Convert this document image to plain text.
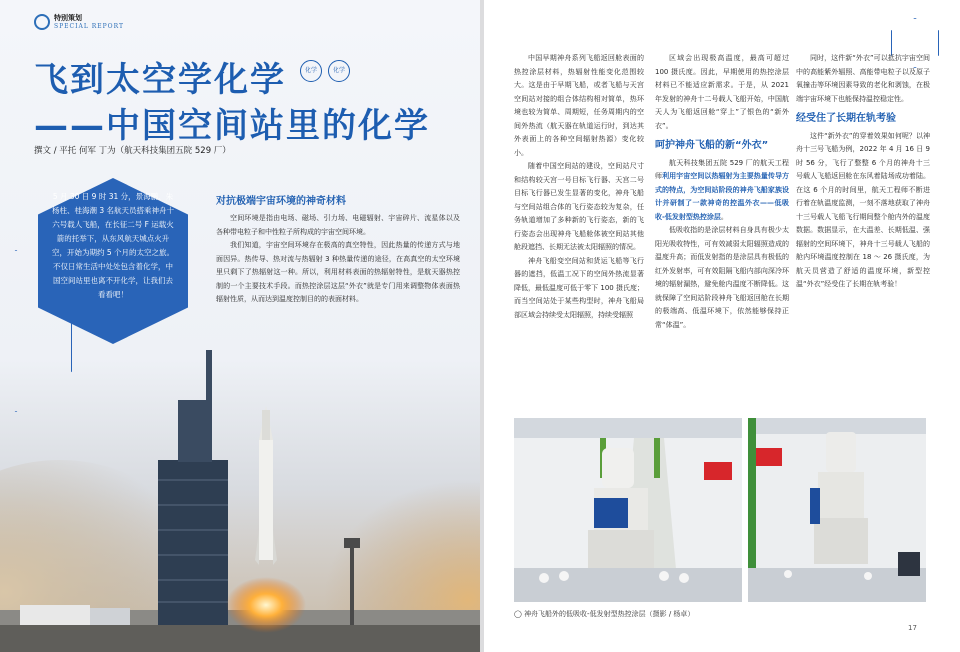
特别策划
SPECIAL REPORT
飞到太空学化学	化学	化学
——中国空间站里的化学
撰文 / 平托 何军 丁为（航天科技集团五院 529 厂）
5 月 30 日 9 时 31 分，景海鹏、朱杨柱、桂海潮 3 名航天员搭乘神舟十六号载人飞船，在长征二号 F 运载火箭的托举下，从东风航天城点火升空，开始为期约 5 个月的太空之旅。不仅日常生活中处处包含着化学，中国空间站里也离不开化学，让我们去看看吧！
对抗极端宇宙环境的神奇材料

空间环境是指由电场、磁场、引力场、电磁辐射、宇宙碎片、流星体以及各种带电粒子和中性粒子所构成的宇宙空间环境。

我们知道，宇宙空间环境存在极高的真空特性，因此热量的传递方式与地面因异。热传导、热对流与热辐射 3 种热量传递的途径，在高真空的太空环境里只剩下了热辐射这一种。所以，利用材料表面的热辐射特性，是航天器热控制的一个主要技术手段。而热控涂层这层“外衣”就是专门用来调整物体表面热辐射性质，从而达到温度控制目的的表面材料。

中国早期神舟系列飞船返回舱表面的热控涂层材料，热辐射性能变化范围较大。这是由于早期飞船，或者飞船与天宫空间站对接的组合体结构相对简单，热环境也较为简单、周期短，任务周期内的空间外热流（航天器在轨道运行时，到达其外表面上的各种空间辐射热源）变化较小。

随着中国空间站的建设，空间站尺寸和结构较天宫一号目标飞行器、天宫二号目标飞行器已发生显著的变化，神舟飞船与空间站组合体的飞行姿态较为复杂，任务轨道增加了多种新的飞行姿态，新的飞行姿态会出现神舟飞船舱体被空间站其他舱段遮挡、长期无法被太阳辐照的情况。

神舟飞船变空间站和货运飞船等飞行器的遮挡，低温工况下的空间外热流显著降低，最低温度可低于零下 100 摄氏度；而当空间站处于某些构型时，神舟飞船局部区域会持续受太阳辐照，持续受辐照

区域会出现极高温度，最高可超过 100 摄氏度。因此，早期使用的热控涂层材料已不能适应新需求。于是，从 2021 年发射的神舟十二号载人飞船开始，中国航天人为飞船返回舱“穿上”了银色的“新外衣”。

呵护神舟飞船的新“外衣”

航天科技集团五院 529 厂的航天工程师利用宇宙空间以热辐射为主要热量传导方式的特点，为空间站阶段的神舟飞船家族设计并研制了一款神奇的控温外衣——低吸收-低发射型热控涂层。

低吸收指的是涂层材料自身具有极少太阳光吸收特性，可有效减弱太阳辐照造成的温度升高；而低发射指的是涂层具有极低的红外发射率，可有效阻隔飞船内部向深冷环境的辐射漏热，避免舱内温度不断降低。这就保障了空间站阶段神舟飞船返回舱在长期的极端高、低温环境下，依然能够保持正常“体温”。

同时，这件新“外衣”可以抵抗宇宙空间中的高能紫外辐照、高能带电粒子以及原子氧撞击等环境因素导致的老化和剥蚀，在极端宇宙环境下也能保持温控稳定性。

经受住了长期在轨考验

这件“新外衣”的穿着效果如何呢？以神舟十三号飞船为例，2022 年 4 月 16 日 9 时 56 分，飞行了整整 6 个月的神舟十三号载人飞船返回舱在东风着陆场成功着陆。在这 6 个月的时间里，航天工程师不断进行着在轨温度监测，一刻不落地获取了神舟十三号载人飞船飞行期间整个舱内外的温度数据。数据显示，在大温差、长期低温、强辐射的空间环境下，神舟十三号载人飞船的舱内环境温度控制在 18 ～ 26 摄氏度，为航天员营造了舒适的温度环境，新型控温“外衣”经受住了长期在轨考验！

◯ 神舟飞船外的低吸收-低发射型热控涂层（摄影 / 杨卓）
17
